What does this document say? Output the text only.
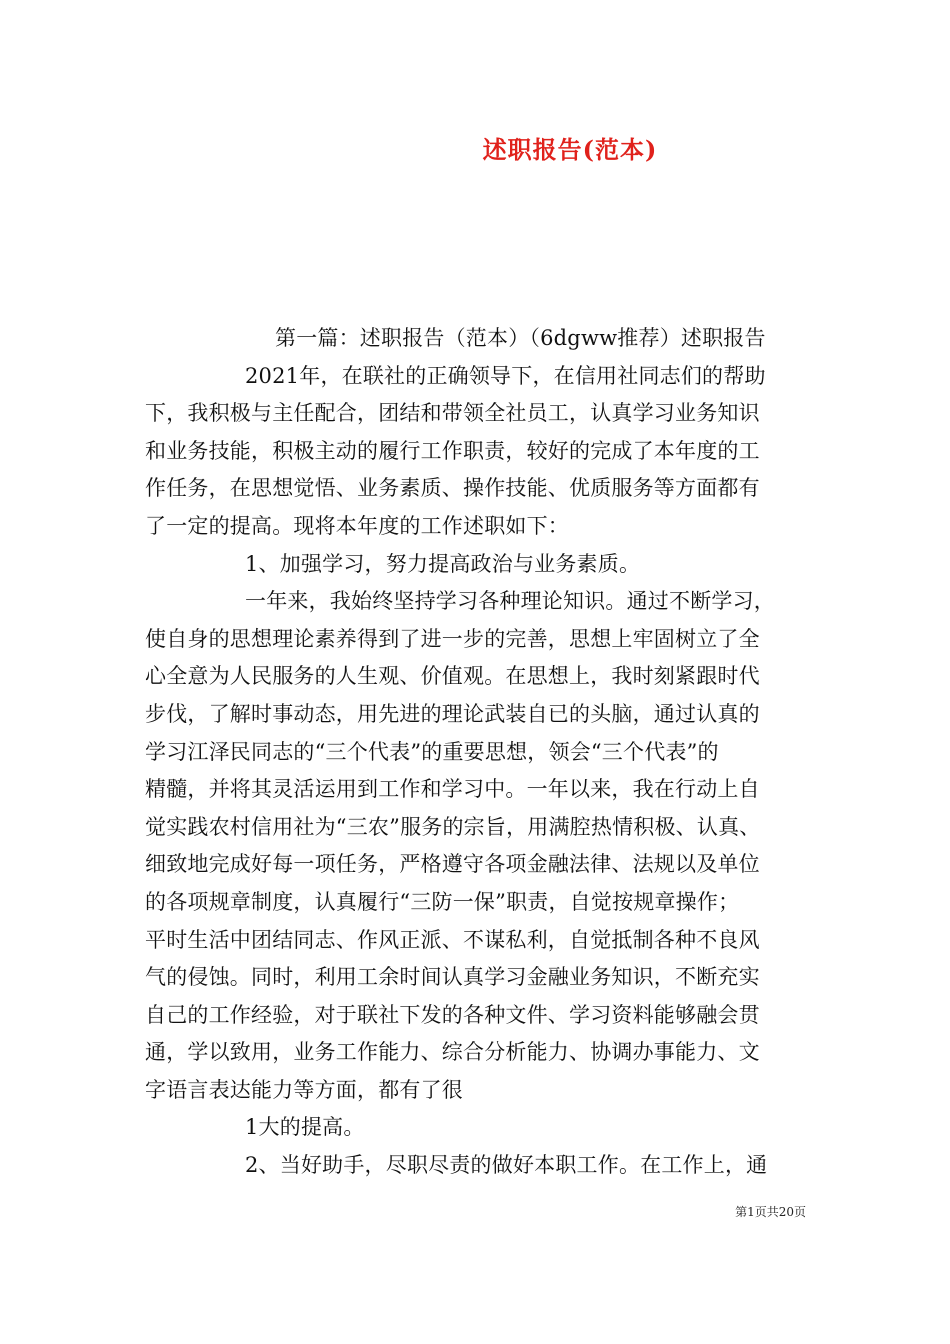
述职报告(范本)
第一篇：述职报告（范本）（6dgww推荐）述职报告
2021年，在联社的正确领导下，在信用社同志们的帮助
下，我积极与主任配合，团结和带领全社员工，认真学习业务知识
和业务技能，积极主动的履行工作职责，较好的完成了本年度的工
作任务，在思想觉悟、业务素质、操作技能、优质服务等方面都有
了一定的提高。现将本年度的工作述职如下：
1、加强学习，努力提高政治与业务素质。
一年来，我始终坚持学习各种理论知识。通过不断学习，
使自身的思想理论素养得到了进一步的完善，思想上牢固树立了全
心全意为人民服务的人生观、价值观。在思想上，我时刻紧跟时代
步伐，了解时事动态，用先进的理论武装自已的头脑，通过认真的
学习江泽民同志的“三个代表”的重要思想，领会“三个代表”的
精髓，并将其灵活运用到工作和学习中。一年以来，我在行动上自
觉实践农村信用社为“三农”服务的宗旨，用满腔热情积极、认真、
细致地完成好每一项任务，严格遵守各项金融法律、法规以及单位
的各项规章制度，认真履行“三防一保”职责，自觉按规章操作；
平时生活中团结同志、作风正派、不谋私利，自觉抵制各种不良风
气的侵蚀。同时，利用工余时间认真学习金融业务知识，不断充实
自己的工作经验，对于联社下发的各种文件、学习资料能够融会贯
通，学以致用，业务工作能力、综合分析能力、协调办事能力、文
字语言表达能力等方面，都有了很
1大的提高。
2、当好助手，尽职尽责的做好本职工作。在工作上，通
第1页共20页
